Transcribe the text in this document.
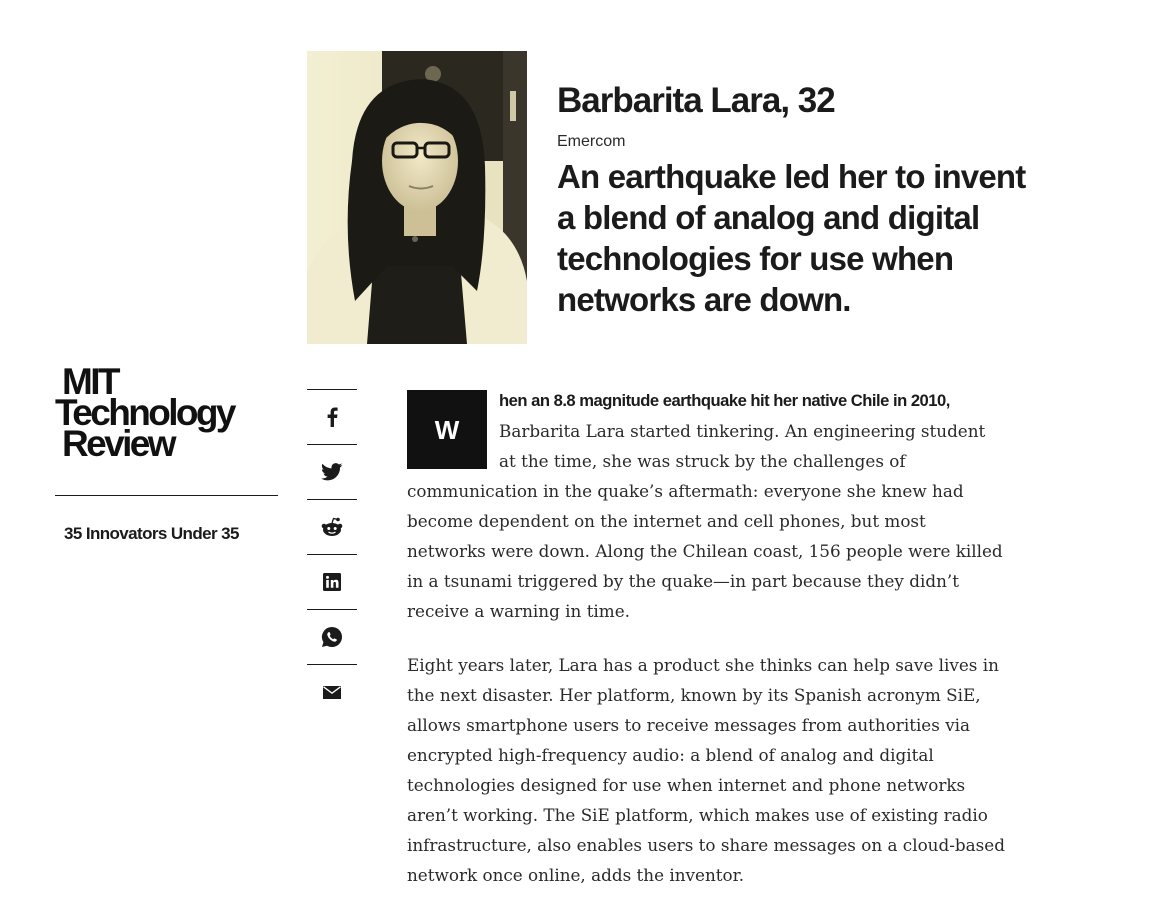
Barbarita Lara, 32
Emercom
An earthquake led her to invent a blend of analog and digital technologies for use when networks are down.
MIT
Technology
Review
35 Innovators Under 35

W
hen an 8.8 magnitude earthquake hit her native Chile in 2010, Barbarita Lara started tinkering. An engineering student at the time, she was struck by the challenges of communication in the quake’s aftermath: everyone she knew had become dependent on the internet and cell phones, but most networks were down. Along the Chilean coast, 156 people were killed in a tsunami triggered by the quake—in part because they didn’t receive a warning in time.

Eight years later, Lara has a product she thinks can help save lives in the next disaster. Her platform, known by its Spanish acronym SiE, allows smartphone users to receive messages from authorities via encrypted high-frequency audio: a blend of analog and digital technologies designed for use when internet and phone networks aren’t working. The SiE platform, which makes use of existing radio infrastructure, also enables users to share messages on a cloud-based network once online, adds the inventor.
